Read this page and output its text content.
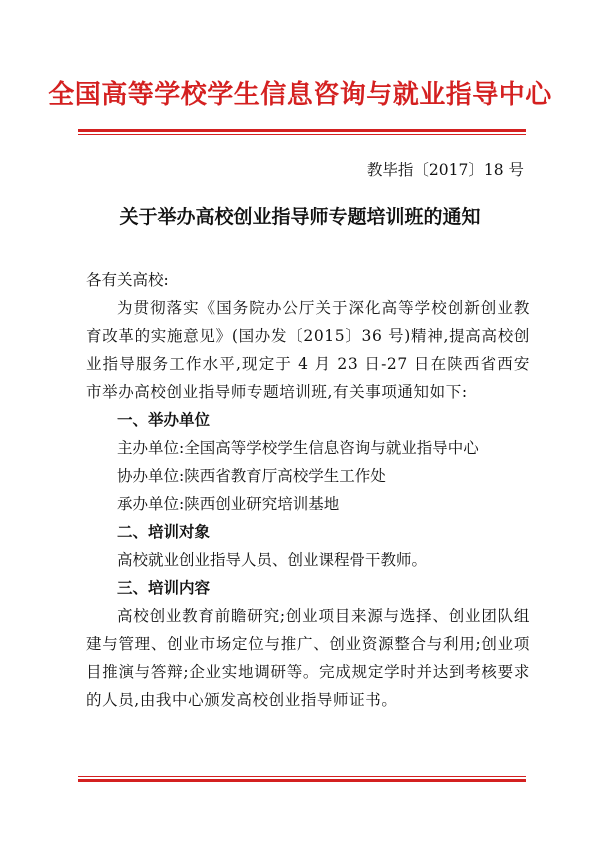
全国高等学校学生信息咨询与就业指导中心
教毕指〔2017〕18 号
关于举办高校创业指导师专题培训班的通知

各有关高校:

为贯彻落实《国务院办公厅关于深化高等学校创新创业教育改革的实施意见》(国办发〔2015〕36 号)精神,提高高校创业指导服务工作水平,现定于 4 月 23 日-27 日在陕西省西安市举办高校创业指导师专题培训班,有关事项通知如下:

一、举办单位

主办单位:全国高等学校学生信息咨询与就业指导中心

协办单位:陕西省教育厅高校学生工作处

承办单位:陕西创业研究培训基地

二、培训对象

高校就业创业指导人员、创业课程骨干教师。

三、培训内容

高校创业教育前瞻研究;创业项目来源与选择、创业团队组建与管理、创业市场定位与推广、创业资源整合与利用;创业项目推演与答辩;企业实地调研等。完成规定学时并达到考核要求的人员,由我中心颁发高校创业指导师证书。
